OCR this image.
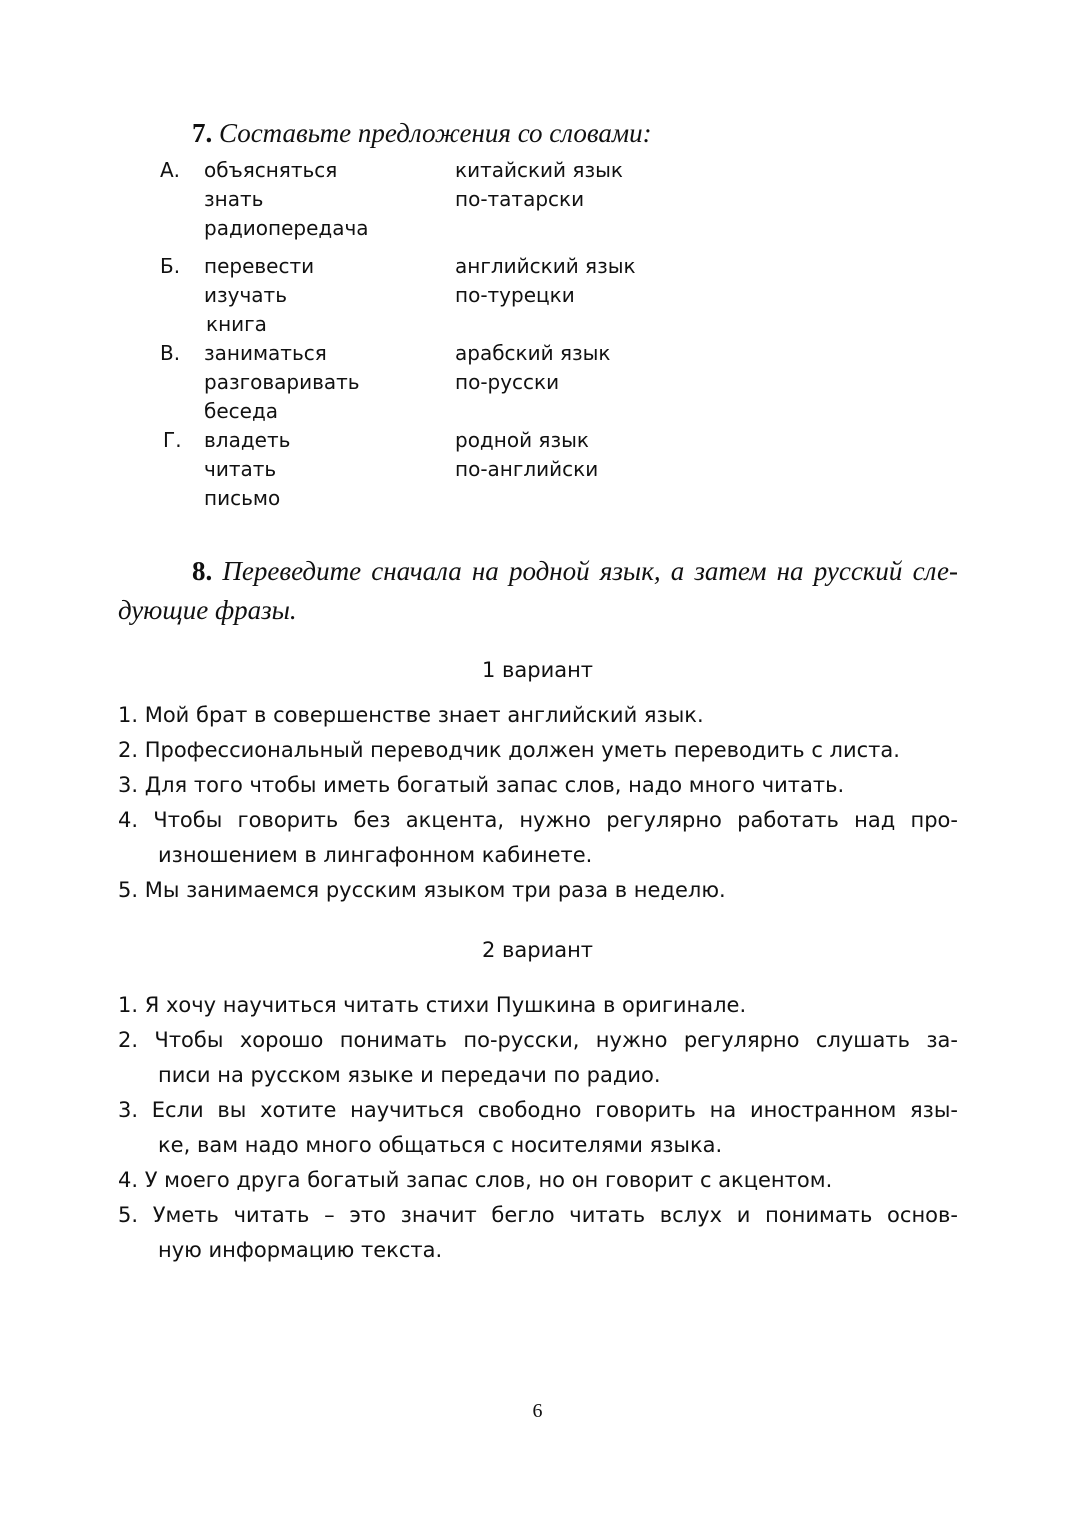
7. Составьте предложения со словами:
А. объясняться
знать
радиопередача
китайский язык
по-татарски
Б. перевести
изучать
книга
английский язык
по-турецки
В. заниматься
разговаривать
беседа
арабский язык
по-русски
Г. владеть
читать
письмо
родной язык
по-английски
8. Переведите сначала на родной язык, а затем на русский сле-
дующие фразы.
1 вариант
1. Мой брат в совершенстве знает английский язык.
2. Профессиональный переводчик должен уметь переводить с листа.
3. Для того чтобы иметь богатый запас слов, надо много читать.
4. Чтобы говорить без акцента, нужно регулярно работать над про-
изношением в лингафонном кабинете.
5. Мы занимаемся русским языком три раза в неделю.
2 вариант
1. Я хочу научиться читать стихи Пушкина в оригинале.
2. Чтобы хорошо понимать по-русски, нужно регулярно слушать за-
писи на русском языке и передачи по радио.
3. Если вы хотите научиться свободно говорить на иностранном язы-
ке, вам надо много общаться с носителями языка.
4. У моего друга богатый запас слов, но он говорит с акцентом.
5. Уметь читать – это значит бегло читать вслух и понимать основ-
ную информацию текста.
6
